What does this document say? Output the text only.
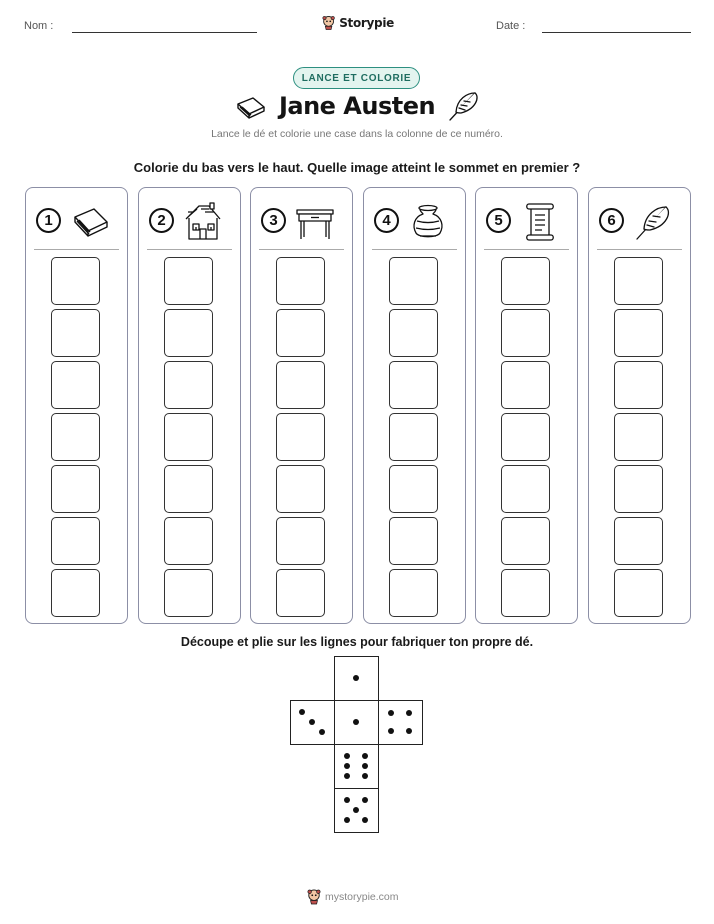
Nom :	Storypie	Date :
LANCE ET COLORIE
Jane Austen
Lance le dé et colorie une case dans la colonne de ce numéro.
Colorie du bas vers le haut. Quelle image atteint le sommet en premier ?
1	2	3	4	5	6
Découpe et plie sur les lignes pour fabriquer ton propre dé.
mystorypie.com
